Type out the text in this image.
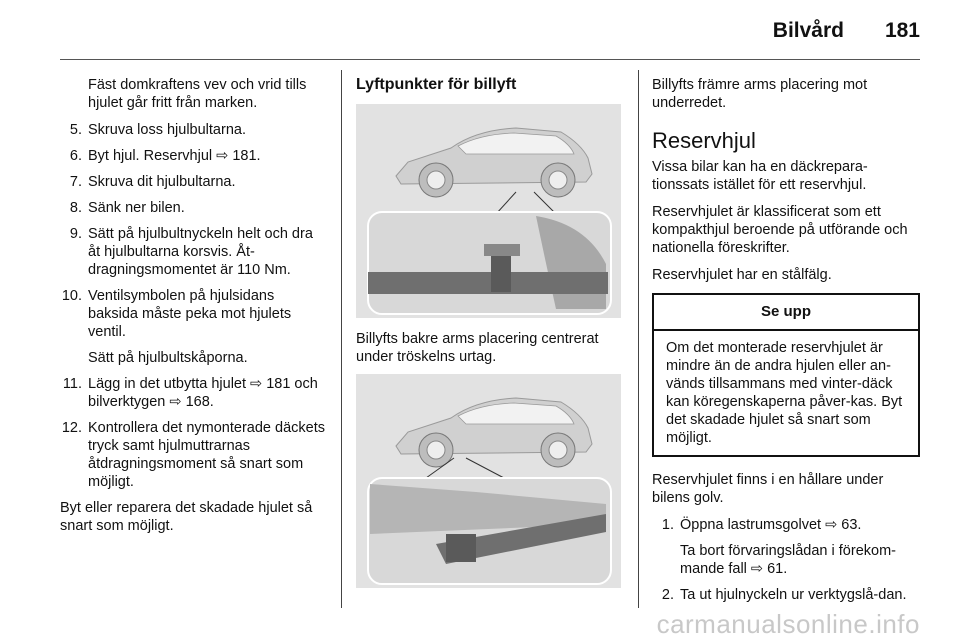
Bilvård 181

Fäst domkraftens vev och vrid tills hjulet går fritt från marken.

5. Skruva loss hjulbultarna.
6. Byt hjul. Reservhjul ⇨ 181.
7. Skruva dit hjulbultarna.
8. Sänk ner bilen.
9. Sätt på hjulbultnyckeln helt och dra åt hjulbultarna korsvis. Åt-dragningsmomentet är 110 Nm.
10. Ventilsymbolen på hjulsidans baksida måste peka mot hjulets ventil.
Sätt på hjulbultskåporna.
11. Lägg in det utbytta hjulet ⇨ 181 och bilverktygen ⇨ 168.
12. Kontrollera det nymonterade däckets tryck samt hjulmuttrarnas åtdragningsmoment så snart som möjligt.

Byt eller reparera det skadade hjulet så snart som möjligt.

Lyftpunkter för billyft
Billyfts bakre arms placering centrerat under tröskelns urtag.

Billyfts främre arms placering mot underredet.

Reservhjul

Vissa bilar kan ha en däckrepara-tionssats istället för ett reservhjul.

Reservhjulet är klassificerat som ett kompakthjul beroende på utförande och nationella föreskrifter.

Reservhjulet har en stålfälg.

Se upp
Om det monterade reservhjulet är mindre än de andra hjulen eller an-vänds tillsammans med vinter-däck kan köregenskaperna påver-kas. Byt det skadade hjulet så snart som möjligt.

Reservhjulet finns i en hållare under bilens golv.

1. Öppna lastrumsgolvet ⇨ 63.
Ta bort förvaringslådan i förekom-mande fall ⇨ 61.
2. Ta ut hjulnyckeln ur verktygslå-dan.
carmanualsonline.info
